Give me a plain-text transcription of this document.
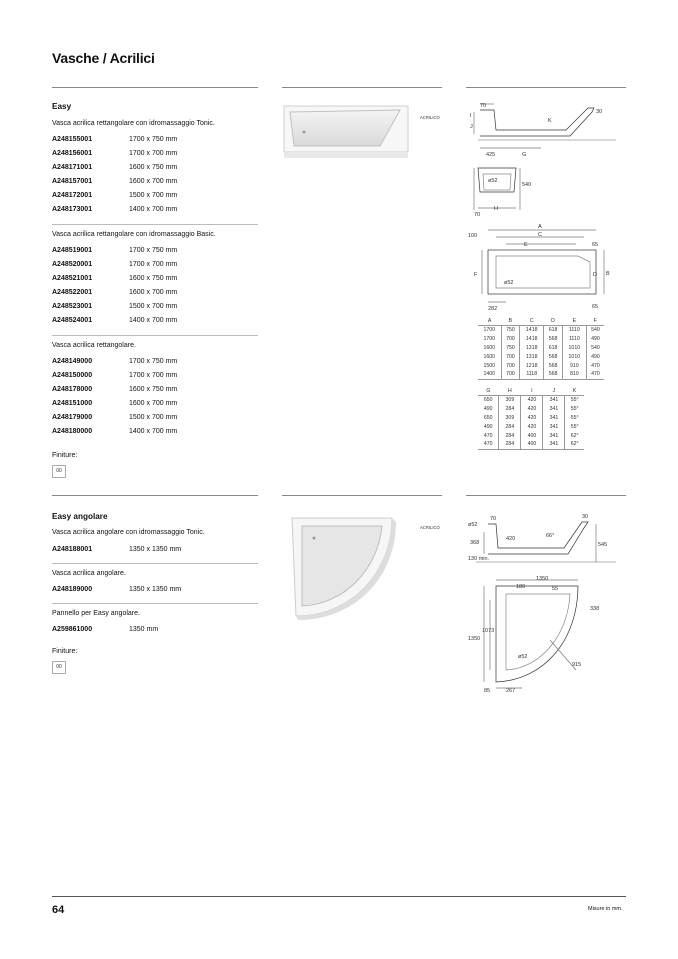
Vasche / Acrilici
Easy
Vasca acrilica rettangolare con idromassaggio Tonic.
A248155001	1700 x 750 mm
A248156001	1700 x 700 mm
A248171001	1600 x 750 mm
A248157001	1600 x 700 mm
A248172001	1500 x 700 mm
A248173001	1400 x 700 mm
Vasca acrilica rettangolare con idromassaggio Basic.
A248519001	1700 x 750 mm
A248520001	1700 x 700 mm
A248521001	1600 x 750 mm
A248522001	1600 x 700 mm
A248523001	1500 x 700 mm
A248524001	1400 x 700 mm
Vasca acrilica rettangolare.
A248149000	1700 x 750 mm
A248150000	1700 x 700 mm
A248178000	1600 x 750 mm
A248151000	1600 x 700 mm
A248179000	1500 x 700 mm
A248180000	1400 x 700 mm
Finiture:
00
ACRILICO
70
30
I
J
K
425	G
ø52
540
H
70
A
100	C
E	65
F	D B
ø52
282	65
A	B	C	D	E	F
1700	750	1418	618	1110	540
1700	700	1418	568	1110	490
1600	750	1318	618	1010	540
1600	700	1318	568	1010	490
1500	700	1218	568	910	470
1400	700	1118	568	810	470
G	H	I	J	K
650	309	420	341	55°
490	284	420	341	55°
650	309	420	341	55°
490	284	420	341	55°
470	284	400	341	62°
470	284	400	341	62°
Easy angolare
Vasca acrilica angolare con idromassaggio Tonic.
A248188001	1350 x 1350 mm
Vasca acrilica angolare.
A248189000	1350 x 1350 mm
Pannello per Easy angolare.
A259861000	1350 mm
Finiture:
00
ACRILICO	ø52
70	30
420	66°
368	545
130 min.
1350
180	55
338
1073
1350
ø52
915
85	267
64	Misure in mm.
